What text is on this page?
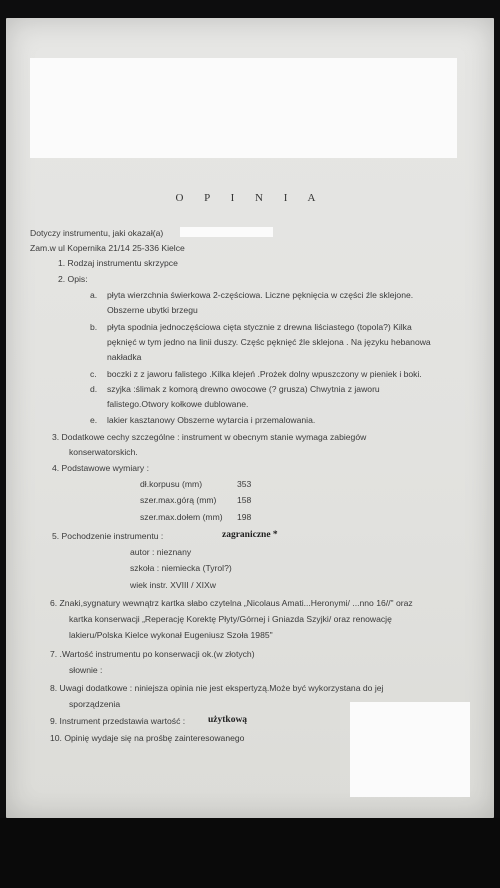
O P I N I A
Dotyczy instrumentu, jaki okazał(a)
Zam.w ul Kopernika 21/14 25-336 Kielce
1. Rodzaj instrumentu skrzypce
2. Opis:
a. płyta wierzchnia świerkowa 2-częściowa. Liczne pęknięcia w części źle sklejone.
Obszerne ubytki brzegu
b. płyta spodnia jednoczęściowa cięta stycznie z drewna liściastego (topola?) Kilka
pęknięć w tym jedno na linii duszy. Częśc pęknięć źle sklejona . Na języku hebanowa
nakładka
c. boczki z z jaworu falistego .Kilka klejeń .Prożek dolny wpuszczony w pieniek i boki.
d. szyjka :ślimak z komorą drewno owocowe (? grusza) Chwytnia z jaworu
falistego.Otwory kołkowe dublowane.
e. lakier kasztanowy Obszerne wytarcia i przemalowania.
3. Dodatkowe cechy szczególne : instrument w obecnym stanie wymaga zabiegów
konserwatorskich.
4. Podstawowe wymiary :
dł.korpusu (mm)	353
szer.max.górą (mm) 158
szer.max.dołem (mm) 198
5. Pochodzenie instrumentu :	zagraniczne *
autor : nieznany
szkoła : niemiecka (Tyrol?)
wiek instr. XVIII / XIXw
6. Znaki,sygnatury wewnątrz kartka słabo czytelna „Nicolaus Amati...Heronymi/ ...nno 16//" oraz
kartka konserwacji „Reperację Korektę Płyty/Górnej i Gniazda Szyjki/ oraz renowację
lakieru/Polska Kielce wykonał Eugeniusz Szoła 1985"
7. .Wartość instrumentu po konserwacji ok.(w złotych)
słownie :
8. Uwagi dodatkowe : niniejsza opinia nie jest ekspertyzą.Może być wykorzystana do jej
sporządzenia
9. Instrument przedstawia wartość : użytkową
10. Opinię wydaje się na prośbę zainteresowanego
